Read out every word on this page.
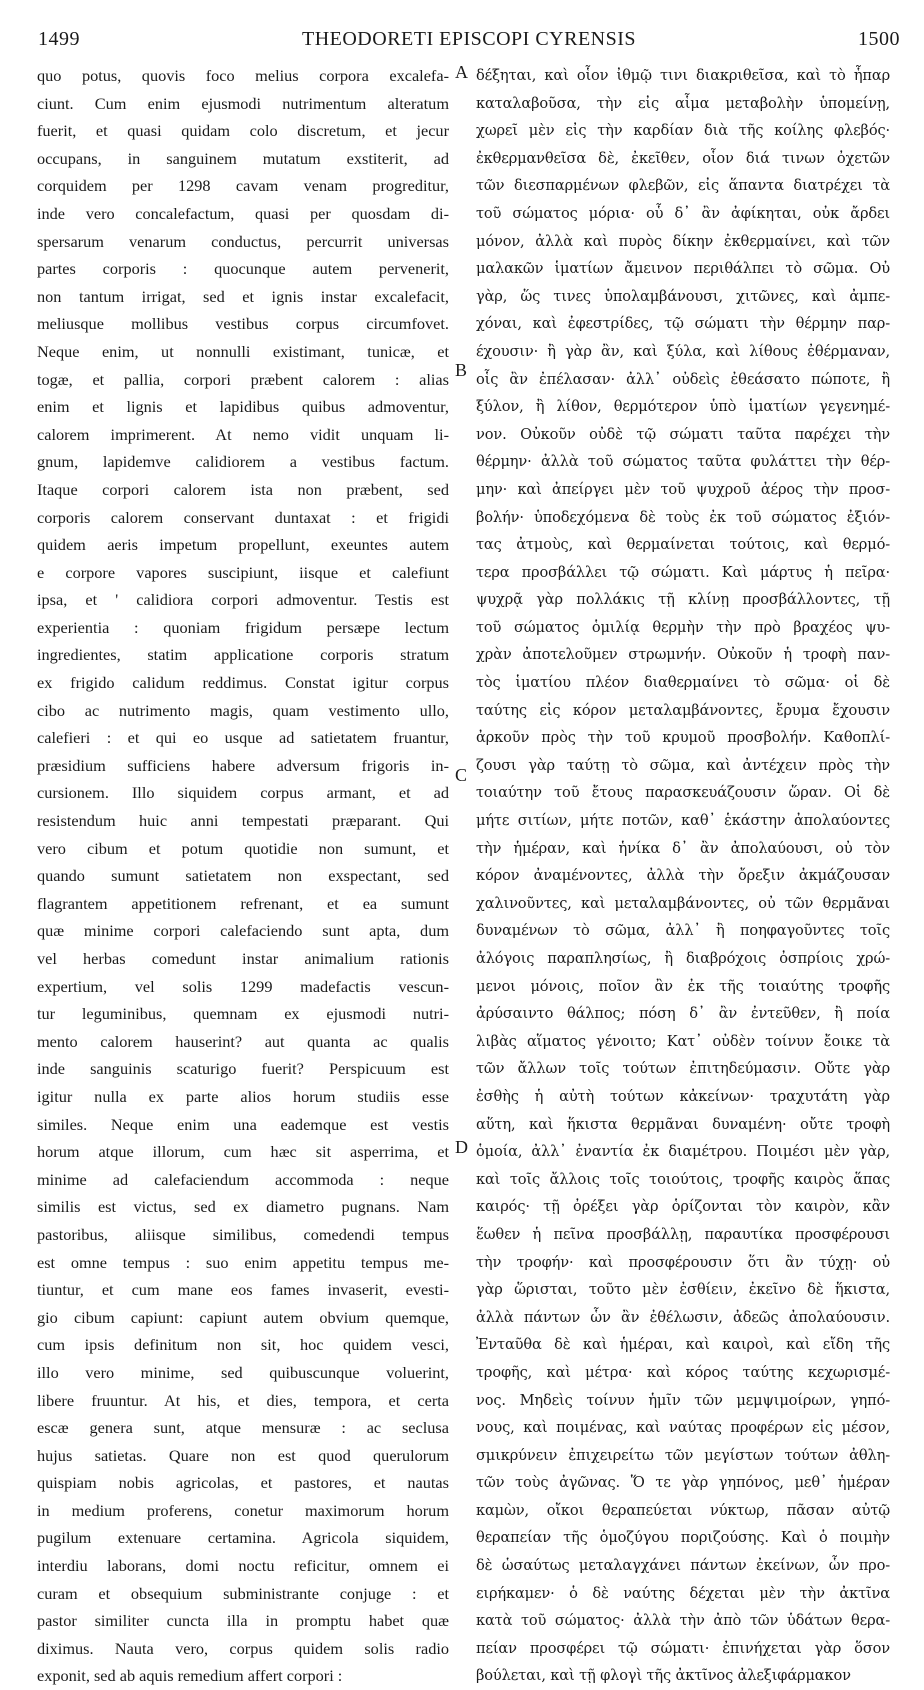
1499	THEODORETI EPISCOPI CYRENSIS	1500
quo potus, quovis foco melius corpora excalefa-
ciunt. Cum enim ejusmodi nutrimentum alteratum
fuerit, et quasi quidam colo discretum, et jecur
occupans, in sanguinem mutatum exstiterit, ad
corquidem per 1298 cavam venam progreditur,
inde vero concalefactum, quasi per quosdam di-
spersarum venarum conductus, percurrit universas
partes corporis : quocunque autem pervenerit,
non tantum irrigat, sed et ignis instar excalefacit,
meliusque mollibus vestibus corpus circumfovet.
Neque enim, ut nonnulli existimant, tunicæ, et
togæ, et pallia, corpori præbent calorem : alias
enim et lignis et lapidibus quibus admoventur,
calorem imprimerent. At nemo vidit unquam li-
gnum, lapidemve calidiorem a vestibus factum.
Itaque corpori calorem ista non præbent, sed
corporis calorem conservant duntaxat : et frigidi
quidem aeris impetum propellunt, exeuntes autem
e corpore vapores suscipiunt, iisque et calefiunt
ipsa, et ' calidiora corpori admoventur. Testis est
experientia : quoniam frigidum persæpe lectum
ingredientes, statim applicatione corporis stratum
ex frigido calidum reddimus. Constat igitur corpus
cibo ac nutrimento magis, quam vestimento ullo,
calefieri : et qui eo usque ad satietatem fruantur,
præsidium sufficiens habere adversum frigoris in-
cursionem. Illo siquidem corpus armant, et ad
resistendum huic anni tempestati præparant. Qui
vero cibum et potum quotidie non sumunt, et
quando sumunt satietatem non exspectant, sed
flagrantem appetitionem refrenant, et ea sumunt
quæ minime corpori calefaciendo sunt apta, dum
vel herbas comedunt instar animalium rationis
expertium, vel solis 1299 madefactis vescun-
tur leguminibus, quemnam ex ejusmodi nutri-
mento calorem hauserint? aut quanta ac qualis
inde sanguinis scaturigo fuerit? Perspicuum est
igitur nulla ex parte alios horum studiis esse
similes. Neque enim una eademque est vestis
horum atque illorum, cum hæc sit asperrima, et
minime ad calefaciendum accommoda : neque
similis est victus, sed ex diametro pugnans. Nam
pastoribus, aliisque similibus, comedendi tempus
est omne tempus : suo enim appetitu tempus me-
tiuntur, et cum mane eos fames invaserit, evesti-
gio cibum capiunt: capiunt autem obvium quemque,
cum ipsis definitum non sit, hoc quidem vesci,
illo vero minime, sed quibuscunque voluerint,
libere fruuntur. At his, et dies, tempora, et certa
escæ genera sunt, atque mensuræ : ac seclusa
hujus satietas. Quare non est quod querulorum
quispiam nobis agricolas, et pastores, et nautas
in medium proferens, conetur maximorum horum
pugilum extenuare certamina. Agricola siquidem,
interdiu laborans, domi noctu reficitur, omnem ei
curam et obsequium subministrante conjuge : et
pastor similiter cuncta illa in promptu habet quæ
diximus. Nauta vero, corpus quidem solis radio
exponit, sed ab aquis remedium affert corpori :
A
B
C
D
δέξηται, καὶ οἷον ἰθμῷ τινι διακριθεῖσα, καὶ τὸ ἧπαρ
καταλαβοῦσα, τὴν εἰς αἷμα μεταβολὴν ὑπομείνῃ,
χωρεῖ μὲν εἰς τὴν καρδίαν διὰ τῆς κοίλης φλεβός·
ἐκθερμανθεῖσα δὲ, ἐκεῖθεν, οἷον διά τινων ὀχετῶν
τῶν διεσπαρμένων φλεβῶν, εἰς ἅπαντα διατρέχει τὰ
τοῦ σώματος μόρια· οὗ δ᾽ ἂν ἀφίκηται, οὐκ ἄρδει
μόνον, ἀλλὰ καὶ πυρὸς δίκην ἐκθερμαίνει, καὶ τῶν
μαλακῶν ἱματίων ἄμεινον περιθάλπει τὸ σῶμα. Οὐ
γὰρ, ὥς τινες ὑπολαμβάνουσι, χιτῶνες, καὶ ἀμπε-
χόναι, καὶ ἐφεστρίδες, τῷ σώματι τὴν θέρμην παρ-
έχουσιν· ἢ γὰρ ἂν, καὶ ξύλα, καὶ λίθους ἐθέρμαναν,
οἷς ἂν ἐπέλασαν· ἀλλ᾽ οὐδεὶς ἐθεάσατο πώποτε, ἢ
ξύλον, ἢ λίθον, θερμότερον ὑπὸ ἱματίων γεγενημέ-
νον. Οὐκοῦν οὐδὲ τῷ σώματι ταῦτα παρέχει τὴν
θέρμην· ἀλλὰ τοῦ σώματος ταῦτα φυλάττει τὴν θέρ-
μην· καὶ ἀπείργει μὲν τοῦ ψυχροῦ ἀέρος τὴν προσ-
βολήν· ὑποδεχόμενα δὲ τοὺς ἐκ τοῦ σώματος ἐξιόν-
τας ἀτμοὺς, καὶ θερμαίνεται τούτοις, καὶ θερμό-
τερα προσβάλλει τῷ σώματι. Καὶ μάρτυς ἡ πεῖρα·
ψυχρᾷ γὰρ πολλάκις τῇ κλίνῃ προσβάλλοντες, τῇ
τοῦ σώματος ὁμιλίᾳ θερμὴν τὴν πρὸ βραχέος ψυ-
χρὰν ἀποτελοῦμεν στρωμνήν. Οὐκοῦν ἡ τροφὴ παν-
τὸς ἱματίου πλέον διαθερμαίνει τὸ σῶμα· οἱ δὲ
ταύτης εἰς κόρον μεταλαμβάνοντες, ἔρυμα ἔχουσιν
ἀρκοῦν πρὸς τὴν τοῦ κρυμοῦ προσβολήν. Καθοπλί-
ζουσι γὰρ ταύτῃ τὸ σῶμα, καὶ ἀντέχειν πρὸς τὴν
τοιαύτην τοῦ ἔτους παρασκευάζουσιν ὥραν. Οἱ δὲ
μήτε σιτίων, μήτε ποτῶν, καθ᾽ ἑκάστην ἀπολαύοντες
τὴν ἡμέραν, καὶ ἡνίκα δ᾽ ἂν ἀπολαύουσι, οὐ τὸν
κόρον ἀναμένοντες, ἀλλὰ τὴν ὄρεξιν ἀκμάζουσαν
χαλινοῦντες, καὶ μεταλαμβάνοντες, οὐ τῶν θερμᾶναι
δυναμένων τὸ σῶμα, ἀλλ᾽ ἢ ποηφαγοῦντες τοῖς
ἀλόγοις παραπλησίως, ἢ διαβρόχοις ὀσπρίοις χρώ-
μενοι μόνοις, ποῖον ἂν ἐκ τῆς τοιαύτης τροφῆς
ἀρύσαιντο θάλπος; πόση δ᾽ ἂν ἐντεῦθεν, ἢ ποία
λιβὰς αἵματος γένοιτο; Κατ᾽ οὐδὲν τοίνυν ἔοικε τὰ
τῶν ἄλλων τοῖς τούτων ἐπιτηδεύμασιν. Οὔτε γὰρ
ἐσθὴς ἡ αὐτὴ τούτων κἀκείνων· τραχυτάτη γὰρ
αὕτη, καὶ ἥκιστα θερμᾶναι δυναμένη· οὔτε τροφὴ
ὁμοία, ἀλλ᾽ ἐναντία ἐκ διαμέτρου. Ποιμέσι μὲν γὰρ,
καὶ τοῖς ἄλλοις τοῖς τοιούτοις, τροφῆς καιρὸς ἅπας
καιρός· τῇ ὀρέξει γὰρ ὁρίζονται τὸν καιρὸν, κἂν
ἕωθεν ἡ πεῖνα προσβάλλῃ, παραυτίκα προσφέρουσι
τὴν τροφήν· καὶ προσφέρουσιν ὅτι ἂν τύχῃ· οὐ
γὰρ ὥρισται, τοῦτο μὲν ἐσθίειν, ἐκεῖνο δὲ ἥκιστα,
ἀλλὰ πάντων ὧν ἂν ἐθέλωσιν, ἀδεῶς ἀπολαύουσιν.
Ἐνταῦθα δὲ καὶ ἡμέραι, καὶ καιροὶ, καὶ εἴδη τῆς
τροφῆς, καὶ μέτρα· καὶ κόρος ταύτης κεχωρισμέ-
νος. Μηδεὶς τοίνυν ἡμῖν τῶν μεμψιμοίρων, γηπό-
νους, καὶ ποιμένας, καὶ ναύτας προφέρων εἰς μέσον,
σμικρύνειν ἐπιχειρείτω τῶν μεγίστων τούτων ἀθλη-
τῶν τοὺς ἀγῶνας. Ὅ τε γὰρ γηπόνος, μεθ᾽ ἡμέραν
καμὼν, οἴκοι θεραπεύεται νύκτωρ, πᾶσαν αὐτῷ
θεραπείαν τῆς ὁμοζύγου ποριζούσης. Καὶ ὁ ποιμὴν
δὲ ὡσαύτως μεταλαγχάνει πάντων ἐκείνων, ὧν προ-
ειρήκαμεν· ὁ δὲ ναύτης δέχεται μὲν τὴν ἀκτῖνα
κατὰ τοῦ σώματος· ἀλλὰ τὴν ἀπὸ τῶν ὑδάτων θερα-
πείαν προσφέρει τῷ σώματι· ἐπινήχεται γὰρ ὅσον
βούλεται, καὶ τῇ φλογὶ τῆς ἀκτῖνος ἀλεξιφάρμακον
